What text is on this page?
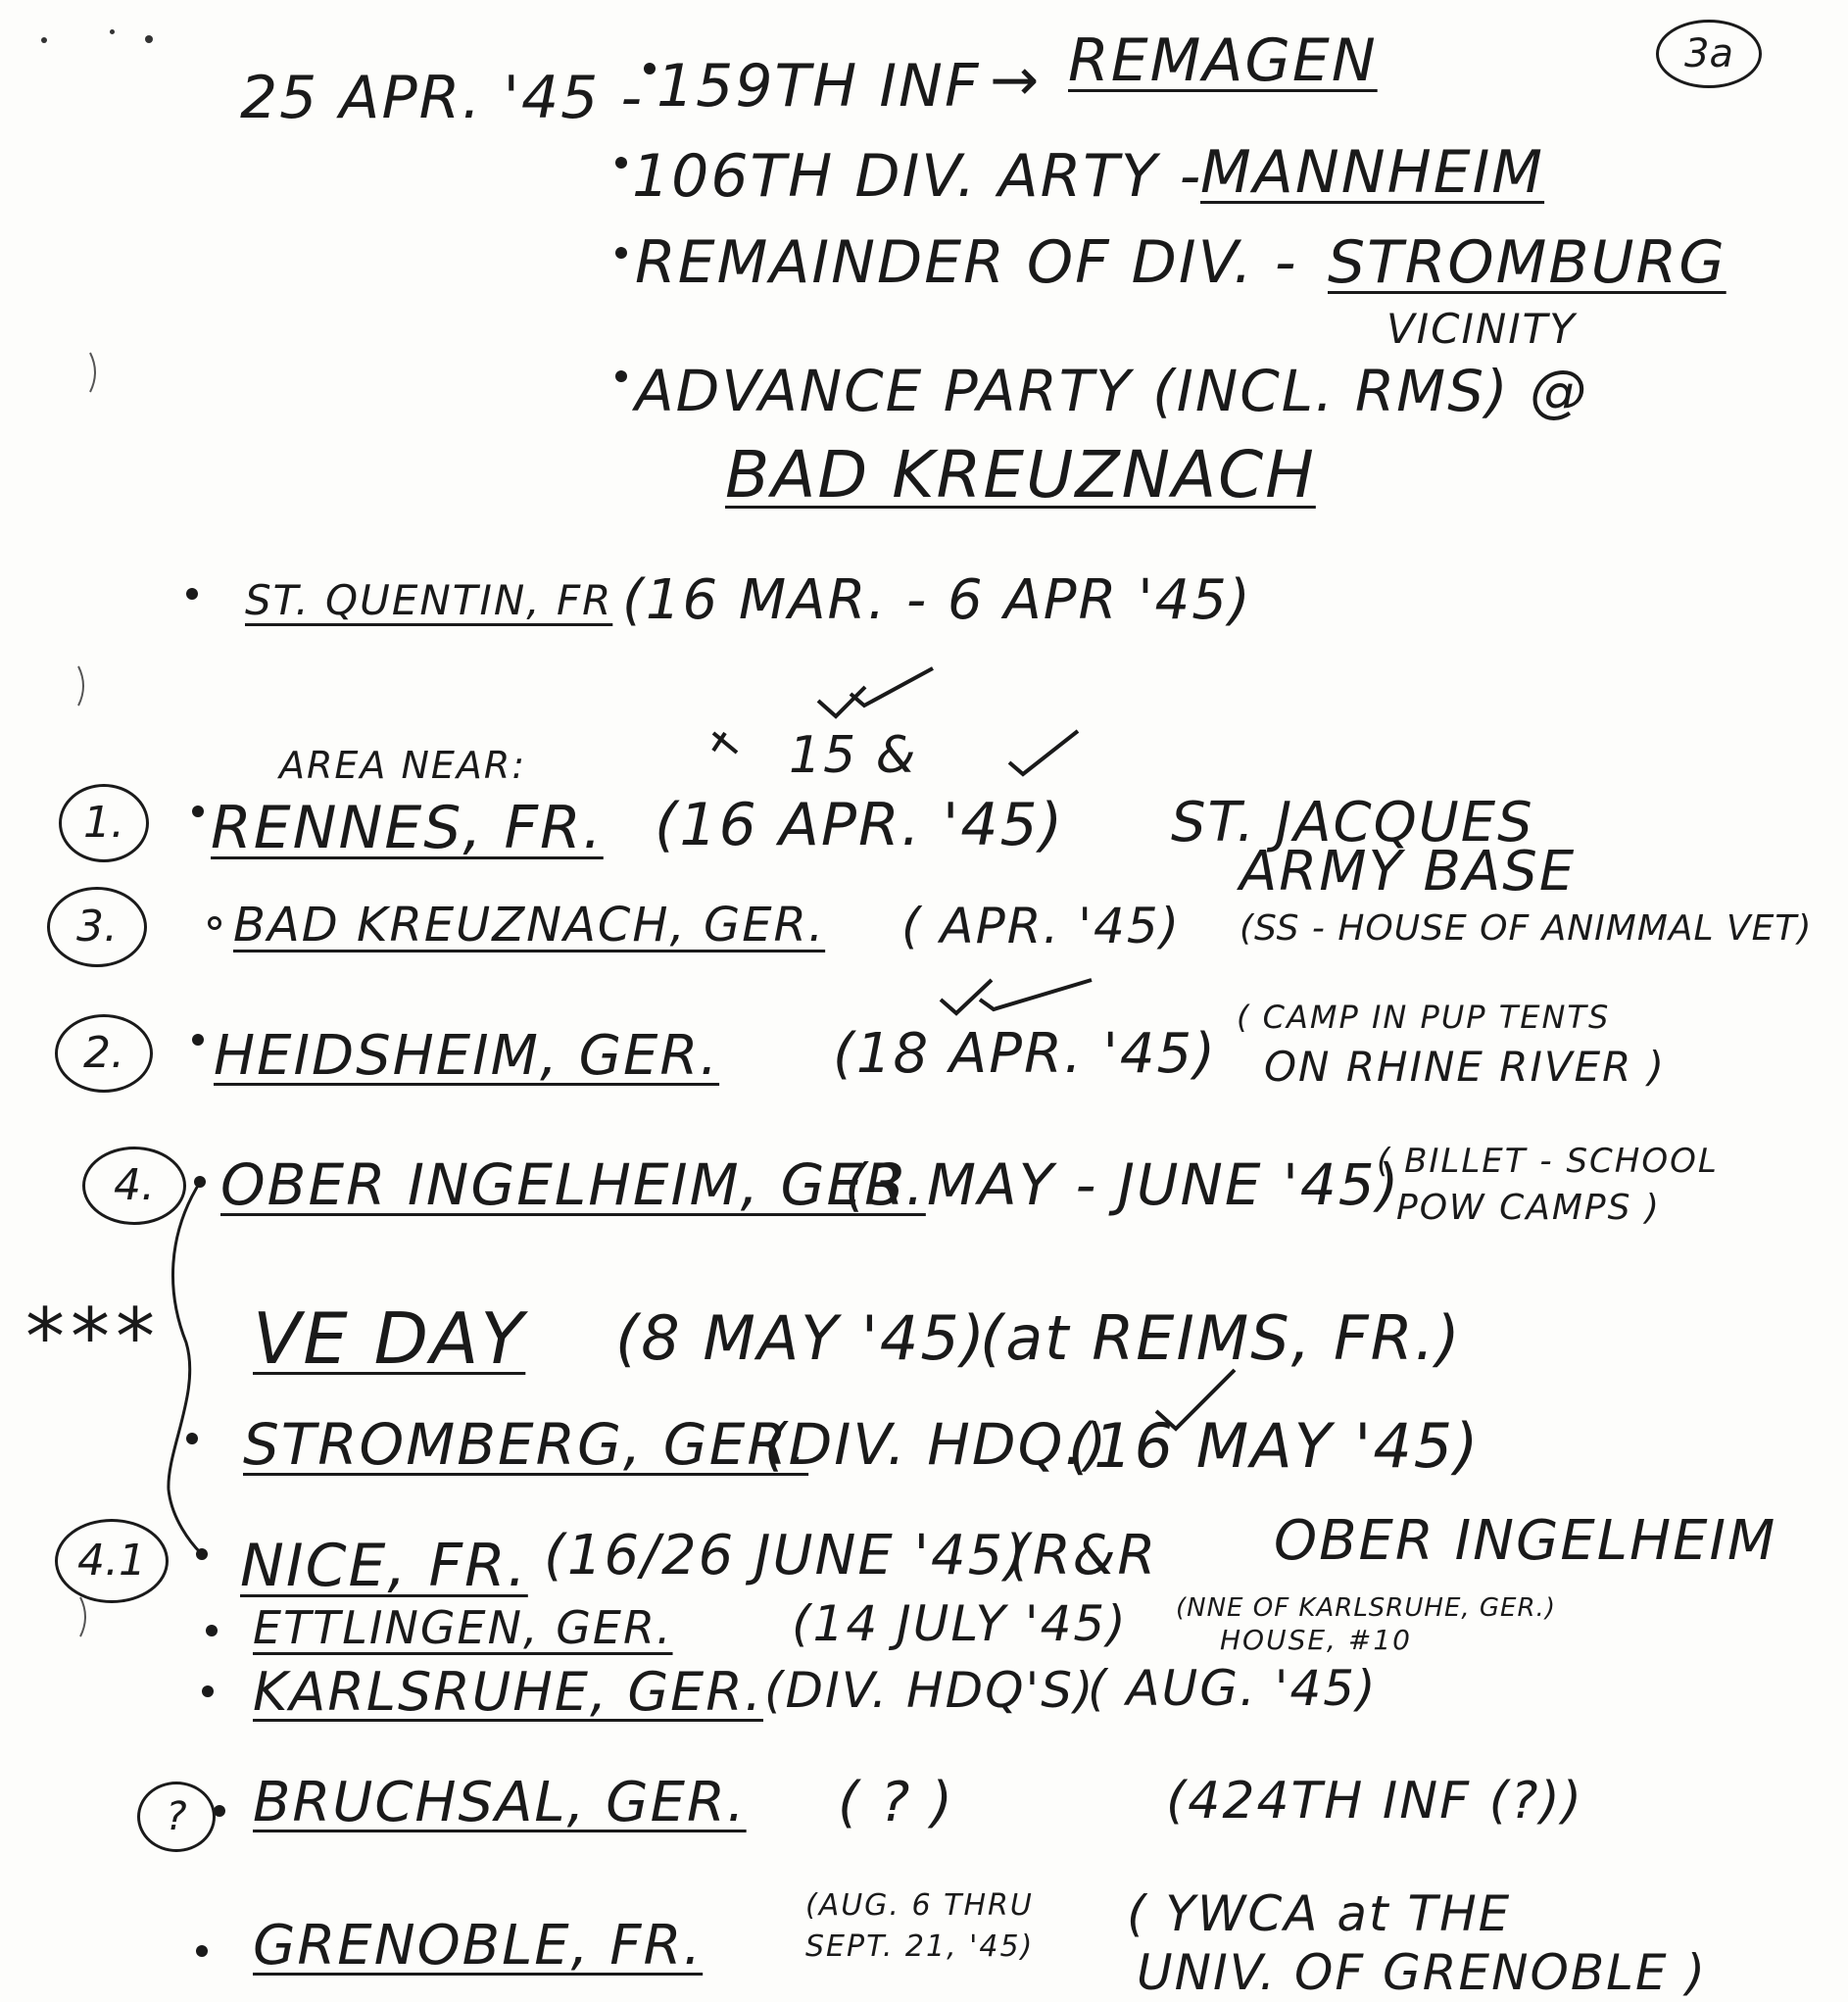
3a
25 APR. '45 - 159TH INF → REMAGEN
106TH DIV. ARTY -
MANNHEIM
REMAINDER OF DIV. - STROMBURG
VICINITY
ADVANCE PARTY (INCL. RMS) @
BAD KREUZNACH
ST. QUENTIN, FR (16 MAR. - 6 APR '45)
AREA NEAR:
1. RENNES, FR.
15 &
(16 APR. '45) ST. JACQUES
ARMY BASE
3. BAD KREUZNACH, GER. ( APR. '45) (SS - HOUSE OF ANIMMAL VET)
2. HEIDSHEIM, GER. (18 APR. '45)
( CAMP IN PUP TENTS
ON RHINE RIVER )
4. OBER INGELHEIM, GER.
(3 MAY - JUNE '45)
( BILLET - SCHOOL
POW CAMPS )
*** VE DAY (8 MAY '45)
(at REIMS, FR.)
STROMBERG, GER.
(DIV. HDQ.)
(16 MAY '45)
4.1 NICE, FR. (16/26 JUNE '45)
(R&R OBER INGELHEIM
ETTLINGEN, GER. (14 JULY '45) (NNE OF KARLSRUHE, GER.)
HOUSE, #10
KARLSRUHE, GER. (DIV. HDQ'S)
( AUG. '45)
? BRUCHSAL, GER. ( ? )	(424TH INF (?))
GRENOBLE, FR.
(AUG. 6 THRU
SEPT. 21, '45)
( YWCA at THE
UNIV. OF GRENOBLE )
